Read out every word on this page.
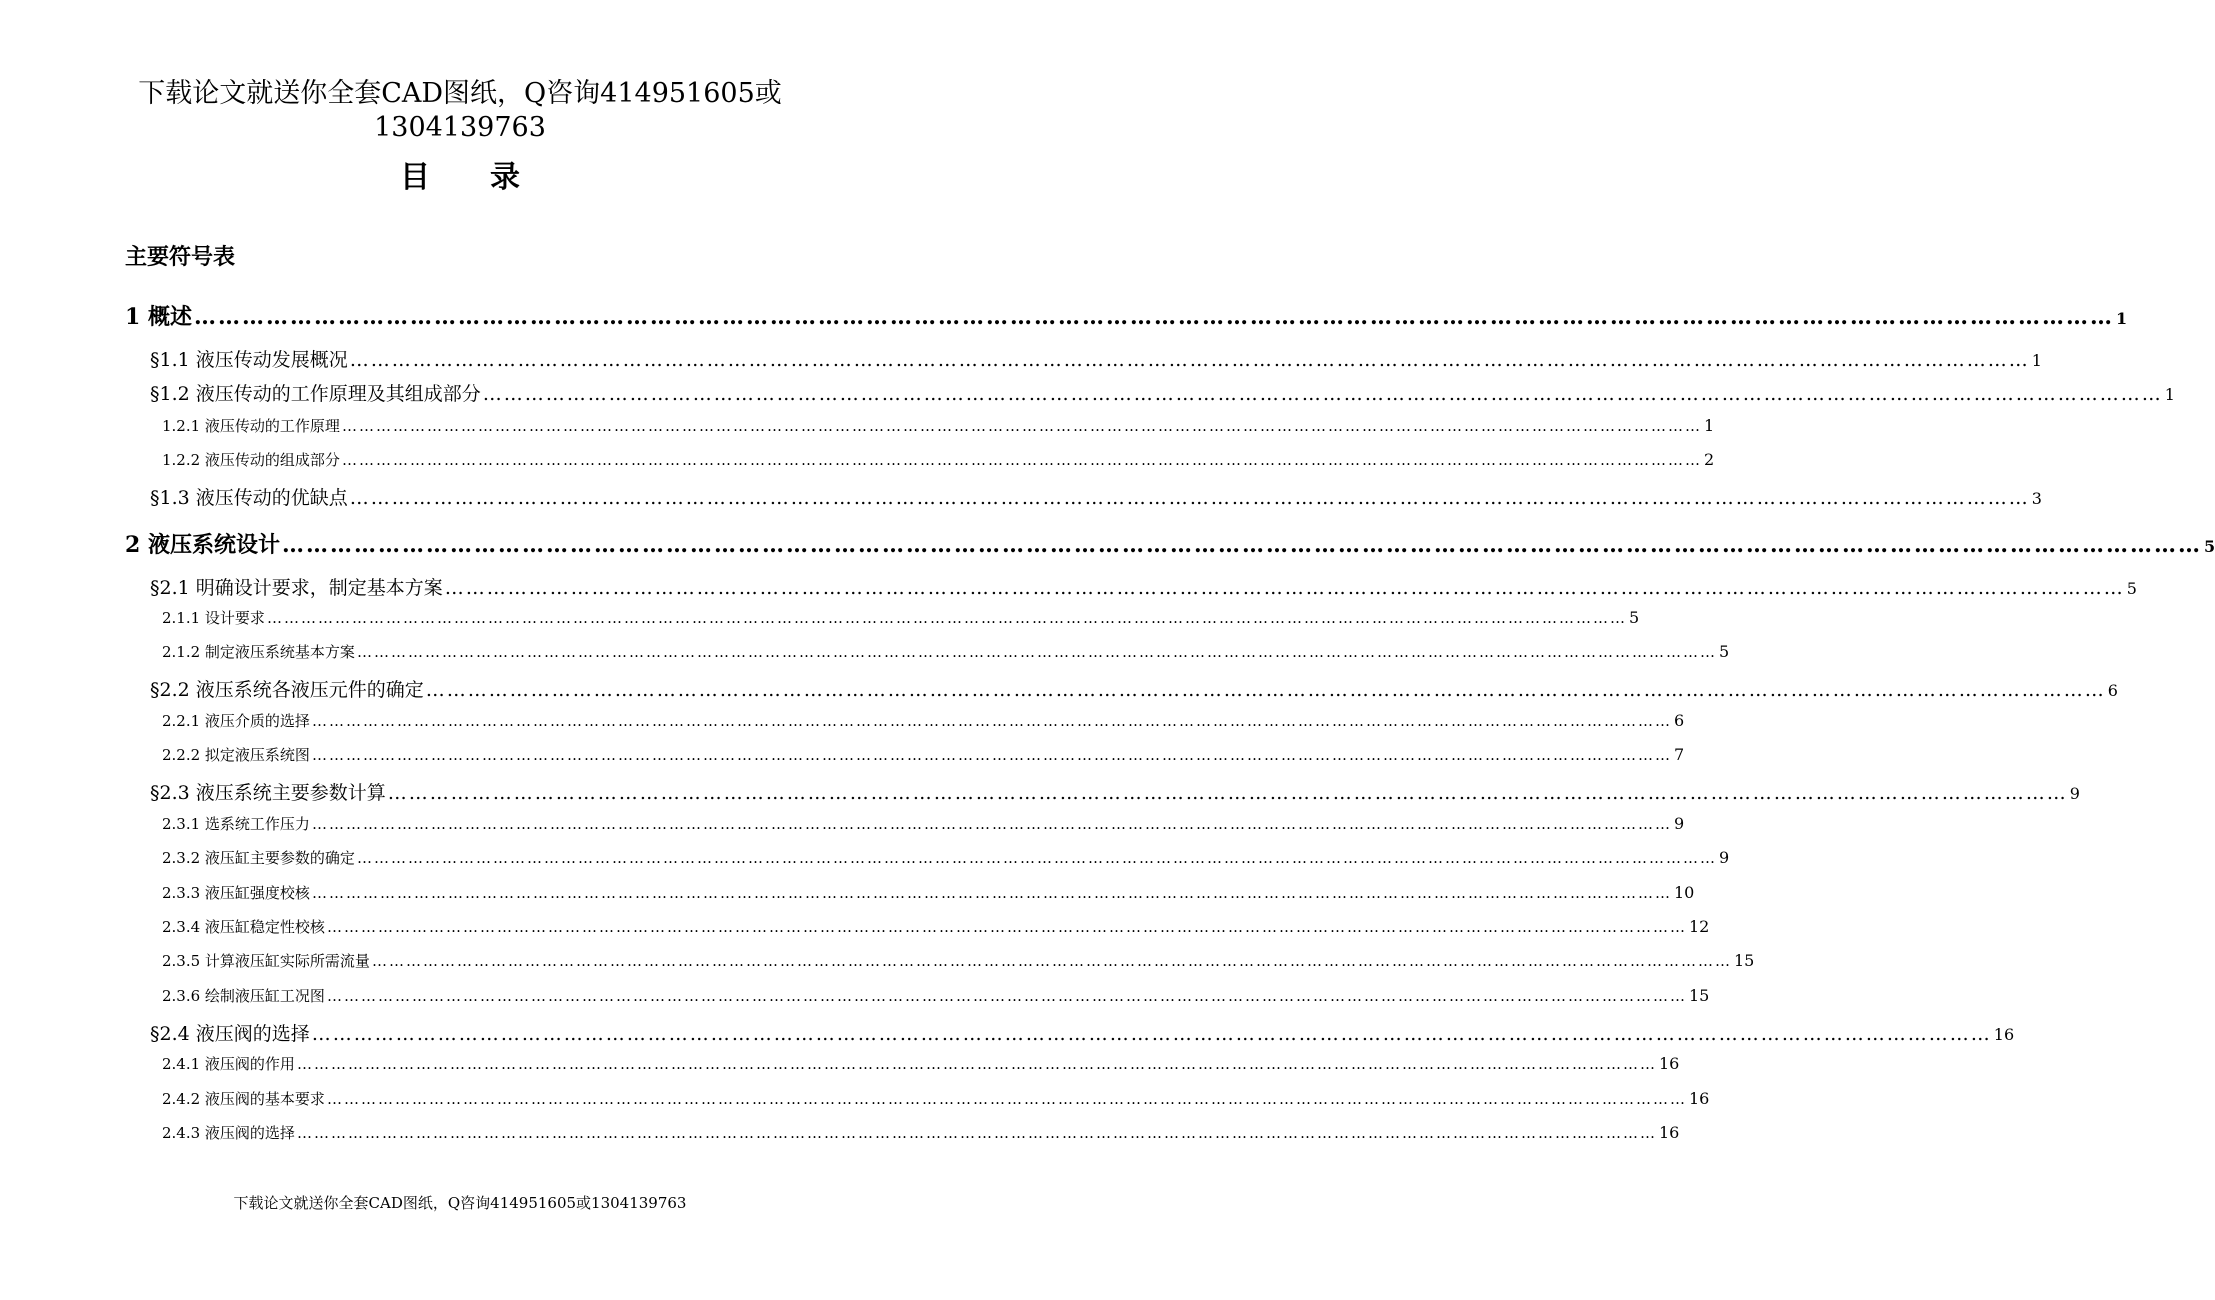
下载论文就送你全套CAD图纸，Q咨询414951605或
1304139763
目录
主要符号表
1 概述 …………………………………………………………………………………………………………………………………………………………………………………………………………………… 1
§1.1 液压传动发展概况 …………………………………………………………………………………………………………………………………………………………………………………………………………………… 1
§1.2 液压传动的工作原理及其组成部分 …………………………………………………………………………………………………………………………………………………………………………………………………………………… 1
1.2.1 液压传动的工作原理 …………………………………………………………………………………………………………………………………………………………………………………………………………………… 1
1.2.2 液压传动的组成部分 …………………………………………………………………………………………………………………………………………………………………………………………………………………… 2
§1.3 液压传动的优缺点 …………………………………………………………………………………………………………………………………………………………………………………………………………………… 3
2 液压系统设计 …………………………………………………………………………………………………………………………………………………………………………………………………………………… 5
§2.1 明确设计要求，制定基本方案 …………………………………………………………………………………………………………………………………………………………………………………………………………………… 5
2.1.1 设计要求 …………………………………………………………………………………………………………………………………………………………………………………………………………………… 5
2.1.2 制定液压系统基本方案 …………………………………………………………………………………………………………………………………………………………………………………………………………………… 5
§2.2 液压系统各液压元件的确定 …………………………………………………………………………………………………………………………………………………………………………………………………………………… 6
2.2.1 液压介质的选择 …………………………………………………………………………………………………………………………………………………………………………………………………………………… 6
2.2.2 拟定液压系统图 …………………………………………………………………………………………………………………………………………………………………………………………………………………… 7
§2.3 液压系统主要参数计算 …………………………………………………………………………………………………………………………………………………………………………………………………………………… 9
2.3.1 选系统工作压力 …………………………………………………………………………………………………………………………………………………………………………………………………………………… 9
2.3.2 液压缸主要参数的确定 …………………………………………………………………………………………………………………………………………………………………………………………………………………… 9
2.3.3 液压缸强度校核 …………………………………………………………………………………………………………………………………………………………………………………………………………………… 10
2.3.4 液压缸稳定性校核 …………………………………………………………………………………………………………………………………………………………………………………………………………………… 12
2.3.5 计算液压缸实际所需流量 …………………………………………………………………………………………………………………………………………………………………………………………………………………… 15
2.3.6 绘制液压缸工况图 …………………………………………………………………………………………………………………………………………………………………………………………………………………… 15
§2.4 液压阀的选择 …………………………………………………………………………………………………………………………………………………………………………………………………………………… 16
2.4.1 液压阀的作用 …………………………………………………………………………………………………………………………………………………………………………………………………………………… 16
2.4.2 液压阀的基本要求 …………………………………………………………………………………………………………………………………………………………………………………………………………………… 16
2.4.3 液压阀的选择 …………………………………………………………………………………………………………………………………………………………………………………………………………………… 16
下载论文就送你全套CAD图纸，Q咨询414951605或1304139763
